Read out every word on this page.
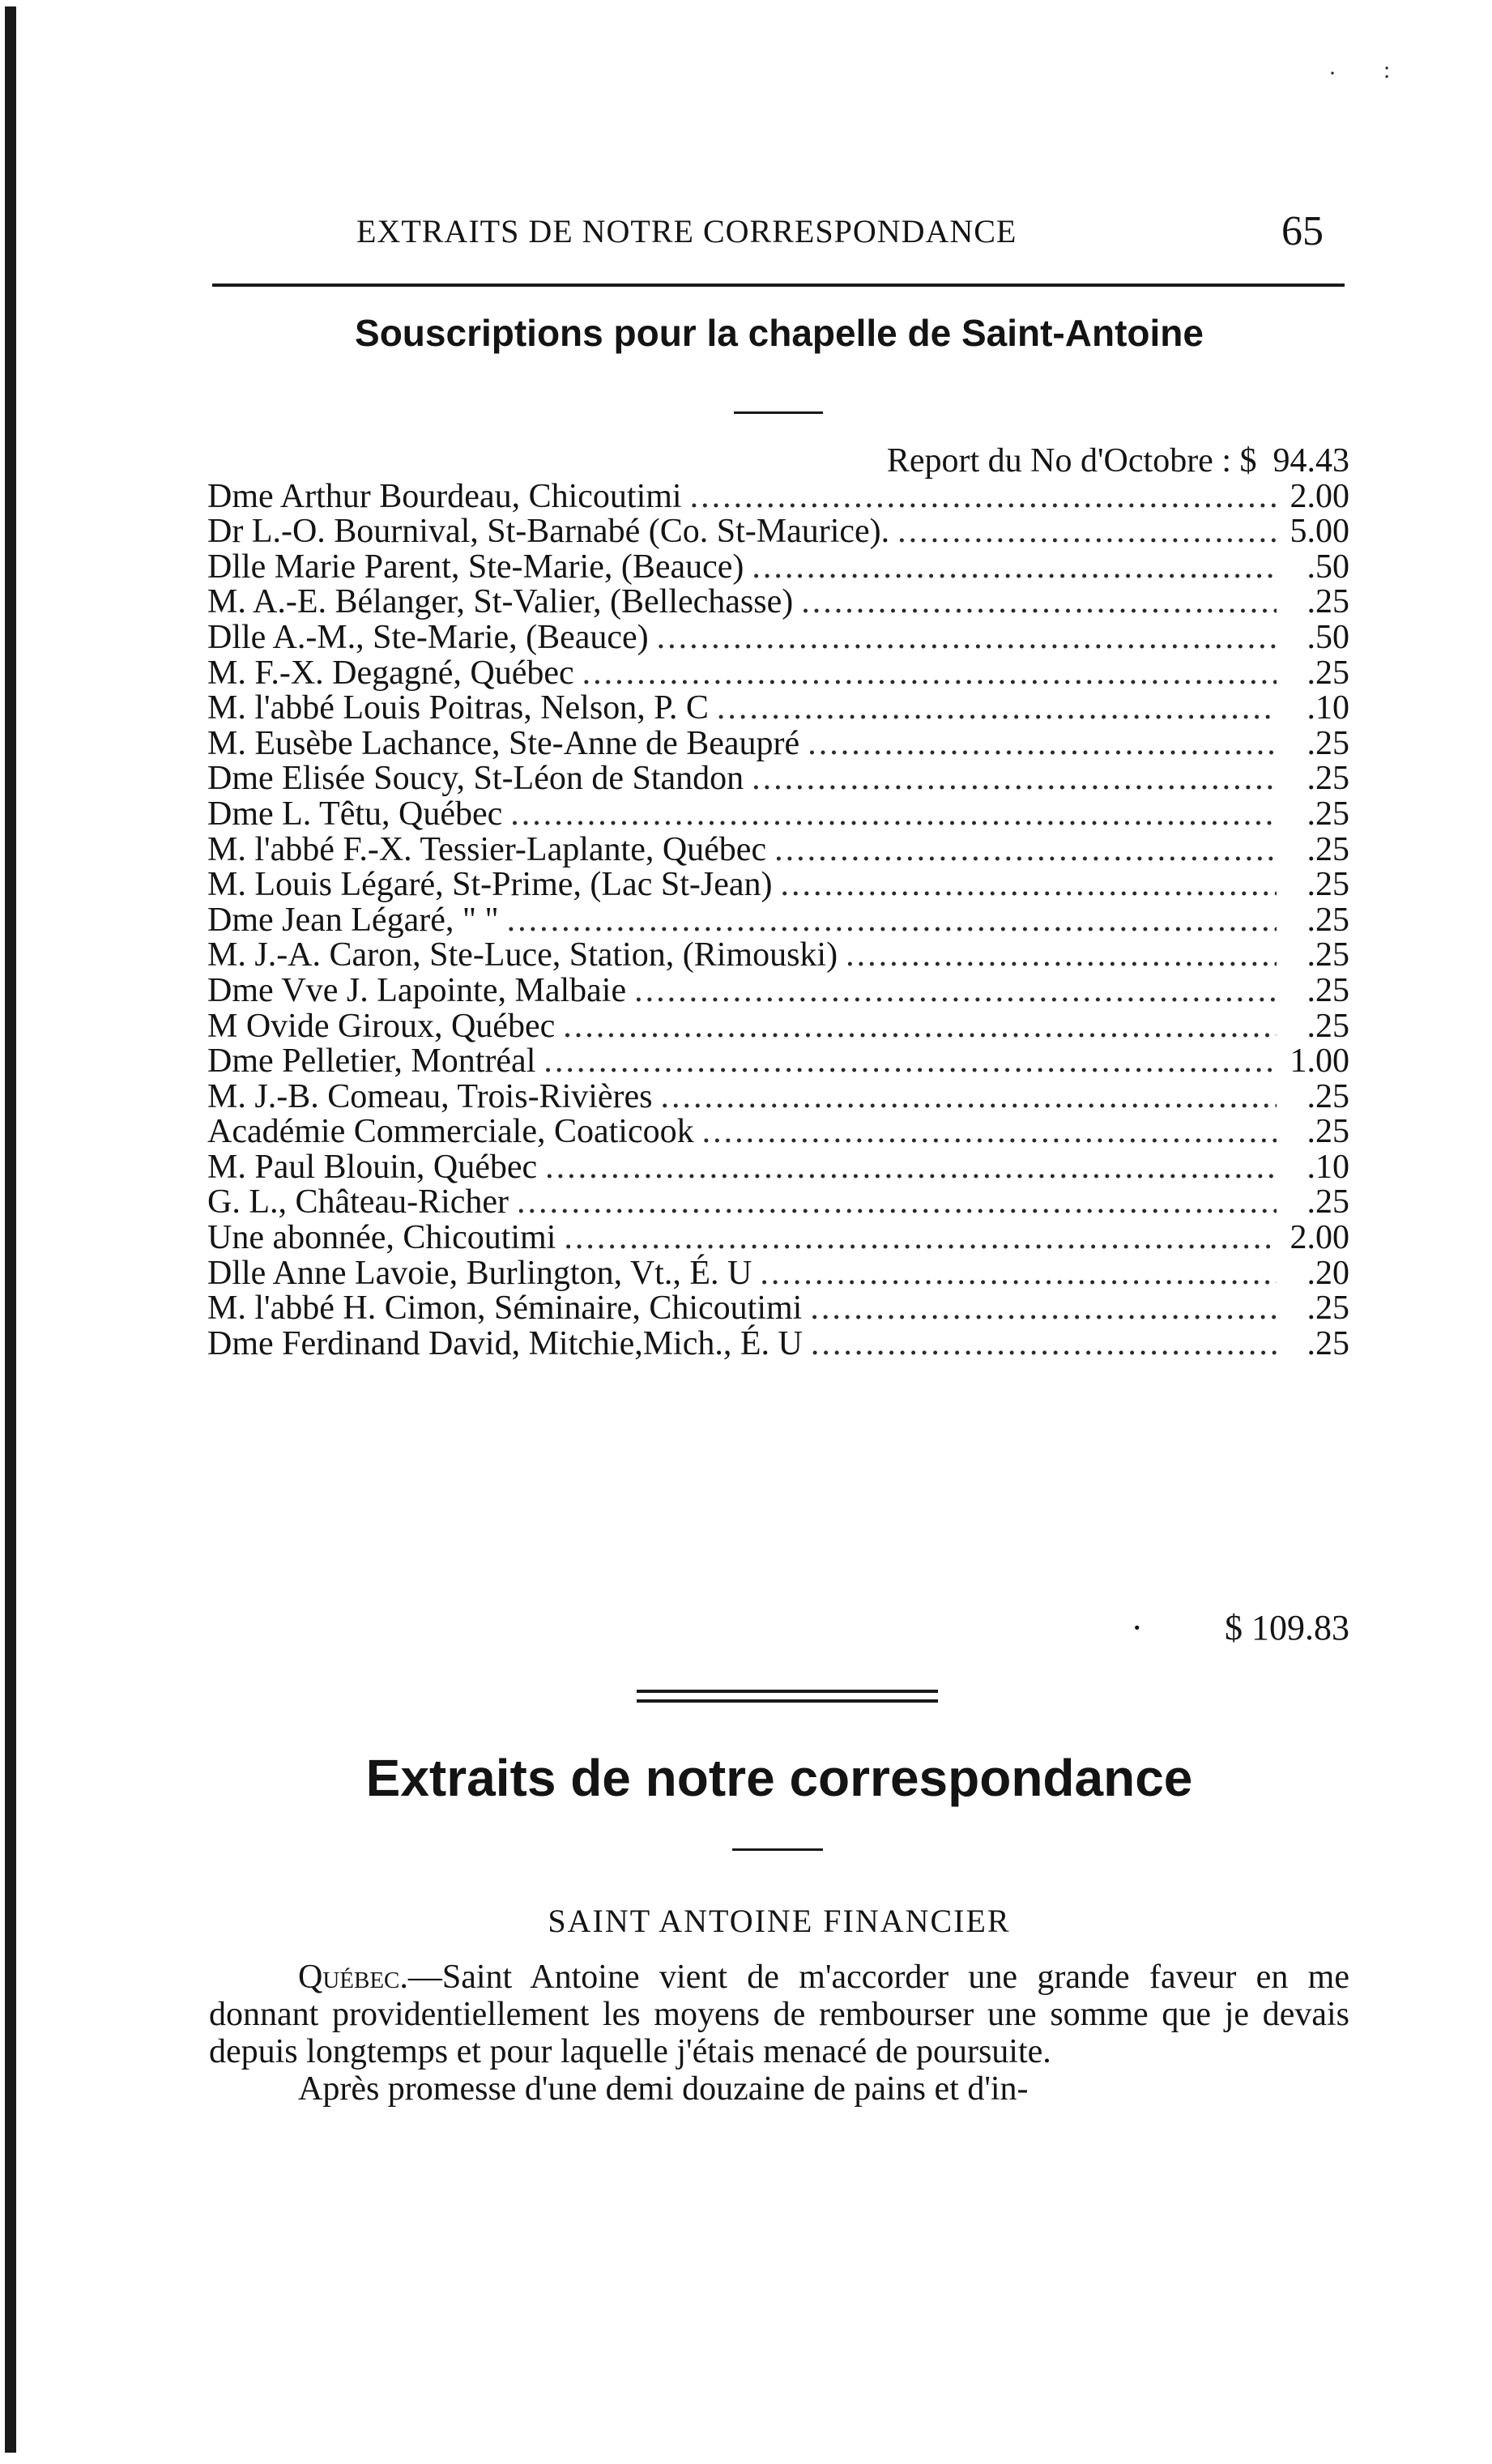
· :
EXTRAITS DE NOTRE CORRESPONDANCE	65
Souscriptions pour la chapelle de Saint-Antoine
Report du No d'Octobre : $ 94.43
Dme Arthur Bourdeau, Chicoutimi .....	2.00
Dr L.-O. Bournival, St-Barnabé (Co. St-Maurice). .....	5.00
Dlle Marie Parent, Ste-Marie, (Beauce) .....	.50
M. A.-E. Bélanger, St-Valier, (Bellechasse) .....	.25
Dlle A.-M., Ste-Marie, (Beauce) .....	.50
M. F.-X. Degagné, Québec .....	.25
M. l'abbé Louis Poitras, Nelson, P. C .....	.10
M. Eusèbe Lachance, Ste-Anne de Beaupré .....	.25
Dme Elisée Soucy, St-Léon de Standon .....	.25
Dme L. Têtu, Québec .....	.25
M. l'abbé F.-X. Tessier-Laplante, Québec .....	.25
M. Louis Légaré, St-Prime, (Lac St-Jean) .....	.25
Dme Jean Légaré, " " .....	.25
M. J.-A. Caron, Ste-Luce, Station, (Rimouski) .....	.25
Dme Vve J. Lapointe, Malbaie .....	.25
M Ovide Giroux, Québec .....	.25
Dme Pelletier, Montréal .....	1.00
M. J.-B. Comeau, Trois-Rivières .....	.25
Académie Commerciale, Coaticook .....	.25
M. Paul Blouin, Québec .....	.10
G. L., Château-Richer .....	.25
Une abonnée, Chicoutimi .....	2.00
Dlle Anne Lavoie, Burlington, Vt., É. U .....	.20
M. l'abbé H. Cimon, Séminaire, Chicoutimi .....	.25
Dme Ferdinand David, Mitchie,Mich., É. U .....	.25
· $ 109.83
Extraits de notre correspondance
SAINT ANTOINE FINANCIER

Québec.—Saint Antoine vient de m'accorder une grande faveur en me donnant providentiellement les moyens de rembourser une somme que je devais depuis longtemps et pour laquelle j'étais menacé de poursuite.

Après promesse d'une demi douzaine de pains et d'in-
